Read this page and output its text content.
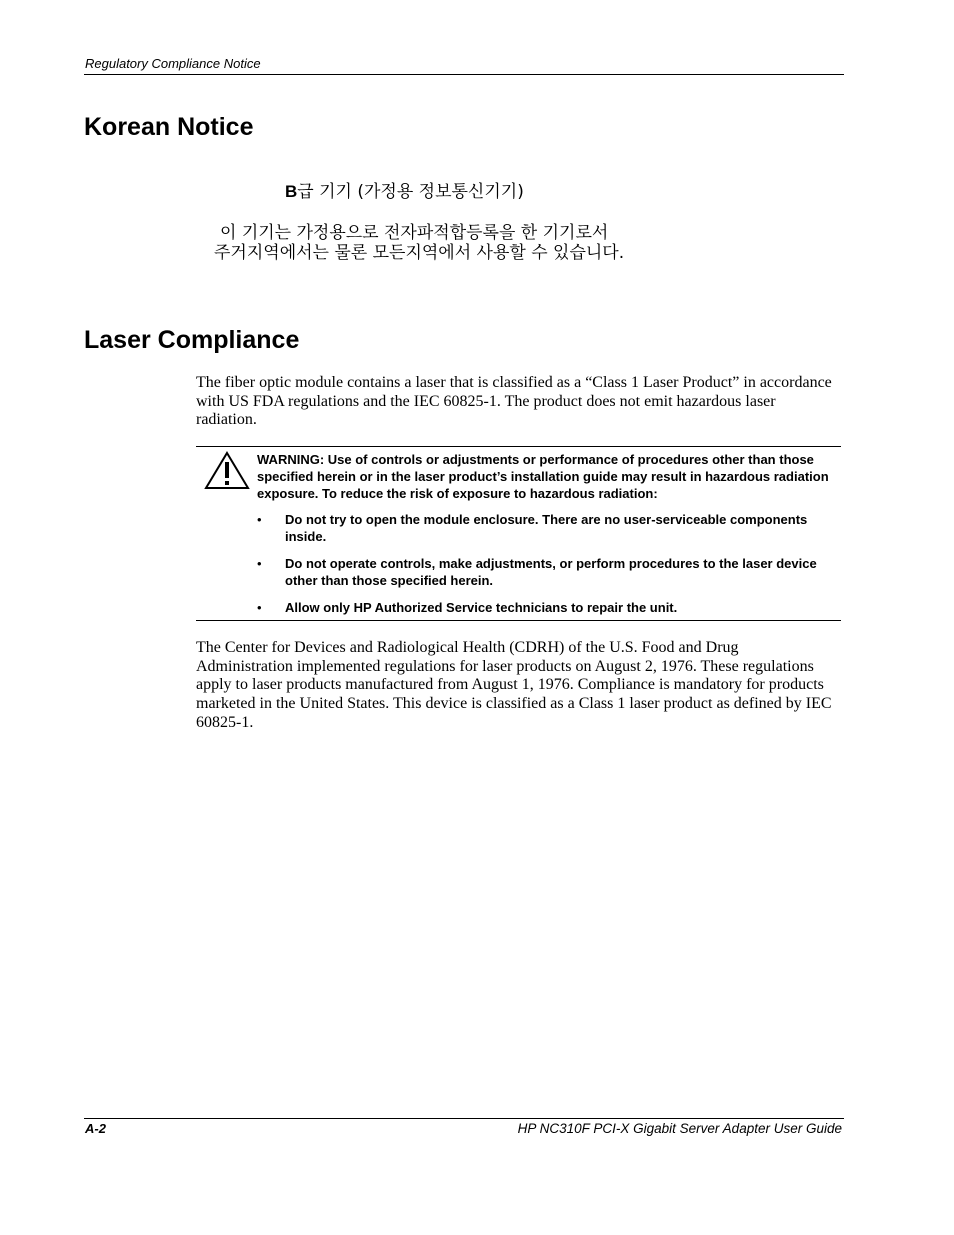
Regulatory Compliance Notice
Korean Notice
B급 기기 (가정용 정보통신기기)
이 기기는 가정용으로 전자파적합등록을 한 기기로서
주거지역에서는 물론 모든지역에서 사용할 수 있습니다.
Laser Compliance

The fiber optic module contains a laser that is classified as a “Class 1 Laser Product” in accordance with US FDA regulations and the IEC 60825-1. The product does not emit hazardous laser radiation.

WARNING: Use of controls or adjustments or performance of procedures other than those specified herein or in the laser product’s installation guide may result in hazardous radiation exposure. To reduce the risk of exposure to hazardous radiation:
• Do not try to open the module enclosure. There are no user-serviceable components inside.
• Do not operate controls, make adjustments, or perform procedures to the laser device other than those specified herein.
• Allow only HP Authorized Service technicians to repair the unit.

The Center for Devices and Radiological Health (CDRH) of the U.S. Food and Drug Administration implemented regulations for laser products on August 2, 1976. These regulations apply to laser products manufactured from August 1, 1976. Compliance is mandatory for products marketed in the United States. This device is classified as a Class 1 laser product as defined by IEC 60825-1.

A-2	HP NC310F PCI-X Gigabit Server Adapter User Guide
